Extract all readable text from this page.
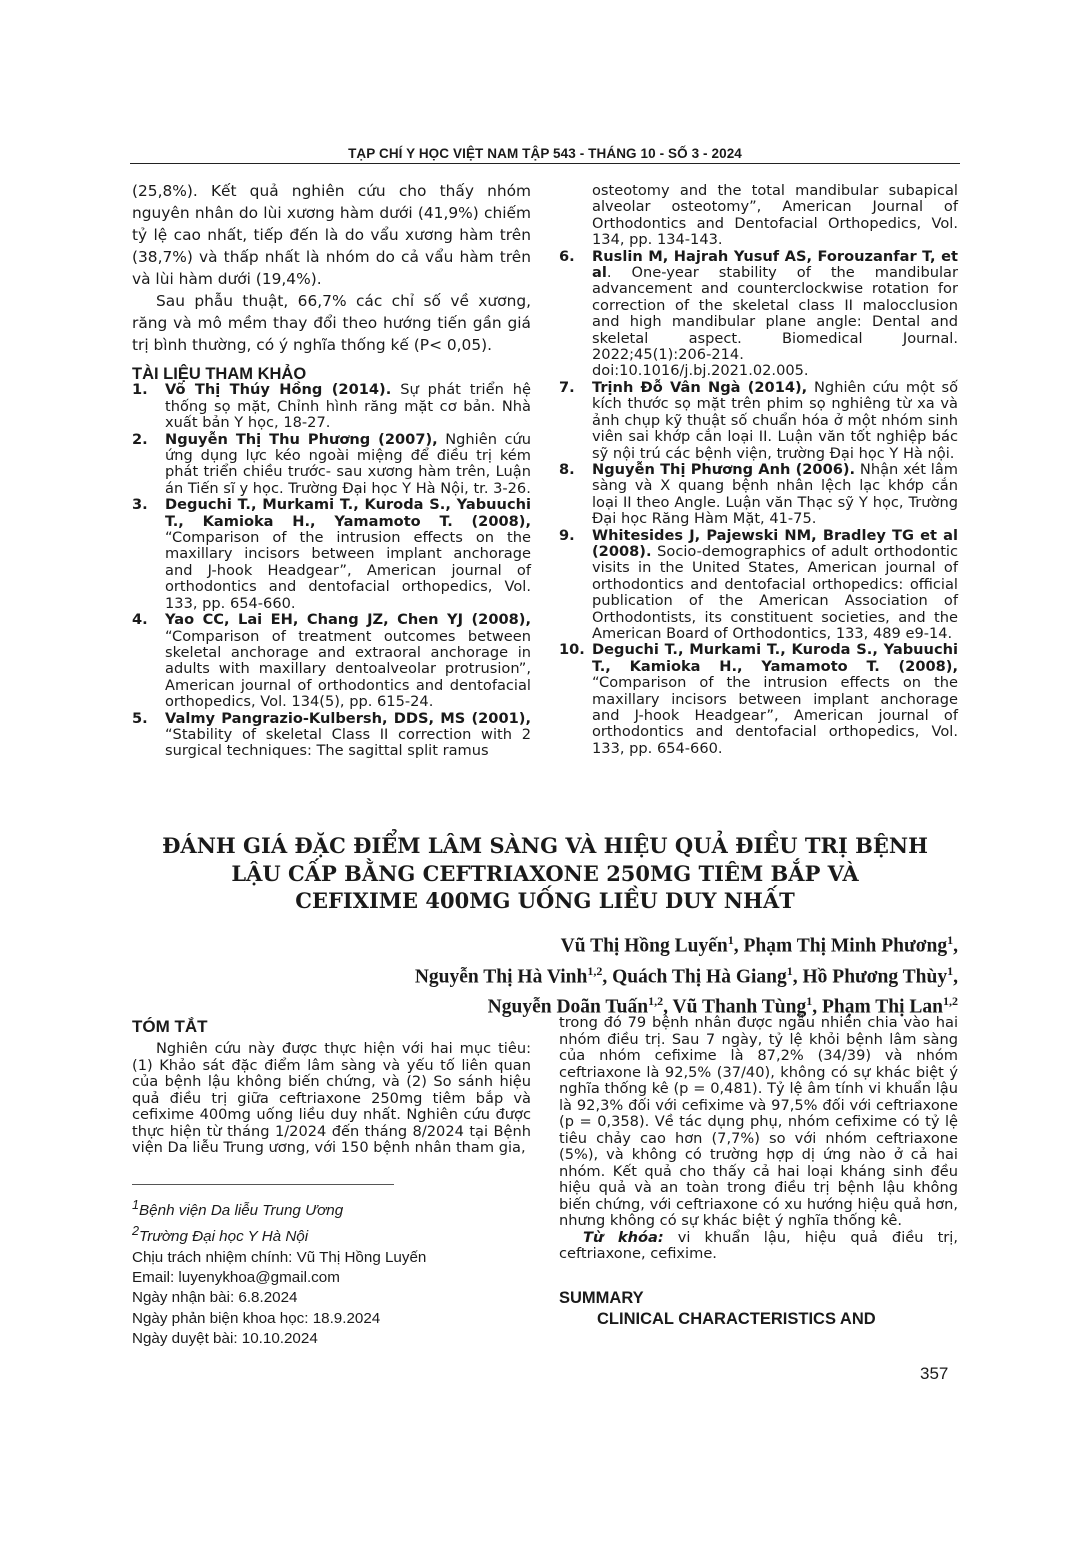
TẠP CHÍ Y HỌC VIỆT NAM TẬP 543 - THÁNG 10 - SỐ 3 - 2024

(25,8%). Kết quả nghiên cứu cho thấy nhóm nguyên nhân do lùi xương hàm dưới (41,9%) chiếm tỷ lệ cao nhất, tiếp đến là do vẩu xương hàm trên (38,7%) và thấp nhất là nhóm do cả vẩu hàm trên và lùi hàm dưới (19,4%).

Sau phẫu thuật, 66,7% các chỉ số về xương, răng và mô mềm thay đổi theo hướng tiến gần giá trị bình thường, có ý nghĩa thống kế (P< 0,05).

TÀI LIỆU THAM KHẢO

1. Võ Thị Thúy Hồng (2014). Sự phát triển hệ thống sọ mặt, Chỉnh hình răng mặt cơ bản. Nhà xuất bản Y học, 18-27.
2. Nguyễn Thị Thu Phương (2007), Nghiên cứu ứng dụng lực kéo ngoài miệng để điều trị kém phát triển chiều trước- sau xương hàm trên, Luận án Tiến sĩ y học. Trường Đại học Y Hà Nội, tr. 3-26.
3. Deguchi T., Murkami T., Kuroda S., Yabuuchi T., Kamioka H., Yamamoto T. (2008), “Comparison of the intrusion effects on the maxillary incisors between implant anchorage and J-hook Headgear”, American journal of orthodontics and dentofacial orthopedics, Vol. 133, pp. 654-660.
4. Yao CC, Lai EH, Chang JZ, Chen YJ (2008), “Comparison of treatment outcomes between skeletal anchorage and extraoral anchorage in adults with maxillary dentoalveolar protrusion”, American journal of orthodontics and dentofacial orthopedics, Vol. 134(5), pp. 615-24.
5. Valmy Pangrazio-Kulbersh, DDS, MS (2001), “Stability of skeletal Class II correction with 2 surgical techniques: The sagittal split ramus
osteotomy and the total mandibular subapical alveolar osteotomy”, American Journal of Orthodontics and Dentofacial Orthopedics, Vol. 134, pp. 134-143.
6. Ruslin M, Hajrah Yusuf AS, Forouzanfar T, et al. One-year stability of the mandibular advancement and counterclockwise rotation for correction of the skeletal class II malocclusion and high mandibular plane angle: Dental and skeletal aspect. Biomedical Journal. 2022;45(1):206-214. doi:10.1016/j.bj.2021.02.005.
7. Trịnh Đỗ Vân Ngà (2014), Nghiên cứu một số kích thước sọ mặt trên phim sọ nghiêng từ xa và ảnh chụp kỹ thuật số chuẩn hóa ở một nhóm sinh viên sai khớp cắn loại II. Luận văn tốt nghiệp bác sỹ nội trú các bệnh viện, trường Đại học Y Hà nội.
8. Nguyễn Thị Phương Anh (2006). Nhận xét lâm sàng và X quang bệnh nhân lệch lạc khớp cắn loại II theo Angle. Luận văn Thạc sỹ Y học, Trường Đại học Răng Hàm Mặt, 41-75.
9. Whitesides J, Pajewski NM, Bradley TG et al (2008). Socio-demographics of adult orthodontic visits in the United States, American journal of orthodontics and dentofacial orthopedics: official publication of the American Association of Orthodontists, its constituent societies, and the American Board of Orthodontics, 133, 489 e9-14.
10. Deguchi T., Murkami T., Kuroda S., Yabuuchi T., Kamioka H., Yamamoto T. (2008), “Comparison of the intrusion effects on the maxillary incisors between implant anchorage and J-hook Headgear”, American journal of orthodontics and dentofacial orthopedics, Vol. 133, pp. 654-660.
ĐÁNH GIÁ ĐẶC ĐIỂM LÂM SÀNG VÀ HIỆU QUẢ ĐIỀU TRỊ BỆNH
LẬU CẤP BẰNG CEFTRIAXONE 250MG TIÊM BẮP VÀ
CEFIXIME 400MG UỐNG LIỀU DUY NHẤT
Vũ Thị Hồng Luyến$^1$, Phạm Thị Minh Phương$^1$,
Nguyễn Thị Hà Vinh$^{1,2}$, Quách Thị Hà Giang$^1$, Hồ Phương Thùy$^1$,
Nguyễn Doãn Tuấn$^{1,2}$, Vũ Thanh Tùng$^1$, Phạm Thị Lan$^{1,2}$
TÓM TẮT
Nghiên cứu này được thực hiện với hai mục tiêu: (1) Khảo sát đặc điểm lâm sàng và yếu tố liên quan của bệnh lậu không biến chứng, và (2) So sánh hiệu quả điều trị giữa ceftriaxone 250mg tiêm bắp và cefixime 400mg uống liều duy nhất. Nghiên cứu được thực hiện từ tháng 1/2024 đến tháng 8/2024 tại Bệnh viện Da liễu Trung ương, với 150 bệnh nhân tham gia,
$^1$Bệnh viện Da liễu Trung Ương
$^2$Trường Đại học Y Hà Nội
Chịu trách nhiệm chính: Vũ Thị Hồng Luyến
Email: luyenykhoa@gmail.com
Ngày nhận bài: 6.8.2024
Ngày phản biện khoa học: 18.9.2024
Ngày duyệt bài: 10.10.2024

trong đó 79 bệnh nhân được ngẫu nhiên chia vào hai nhóm điều trị. Sau 7 ngày, tỷ lệ khỏi bệnh lâm sàng của nhóm cefixime là 87,2% (34/39) và nhóm ceftriaxone là 92,5% (37/40), không có sự khác biệt ý nghĩa thống kê (p = 0,481). Tỷ lệ âm tính vi khuẩn lậu là 92,3% đối với cefixime và 97,5% đối với ceftriaxone (p = 0,358). Về tác dụng phụ, nhóm cefixime có tỷ lệ tiêu chảy cao hơn (7,7%) so với nhóm ceftriaxone (5%), và không có trường hợp dị ứng nào ở cả hai nhóm. Kết quả cho thấy cả hai loại kháng sinh đều hiệu quả và an toàn trong điều trị bệnh lậu không biến chứng, với ceftriaxone có xu hướng hiệu quả hơn, nhưng không có sự khác biệt ý nghĩa thống kê.

Từ khóa: vi khuẩn lậu, hiệu quả điều trị, ceftriaxone, cefixime.

SUMMARY
CLINICAL CHARACTERISTICS AND
357
